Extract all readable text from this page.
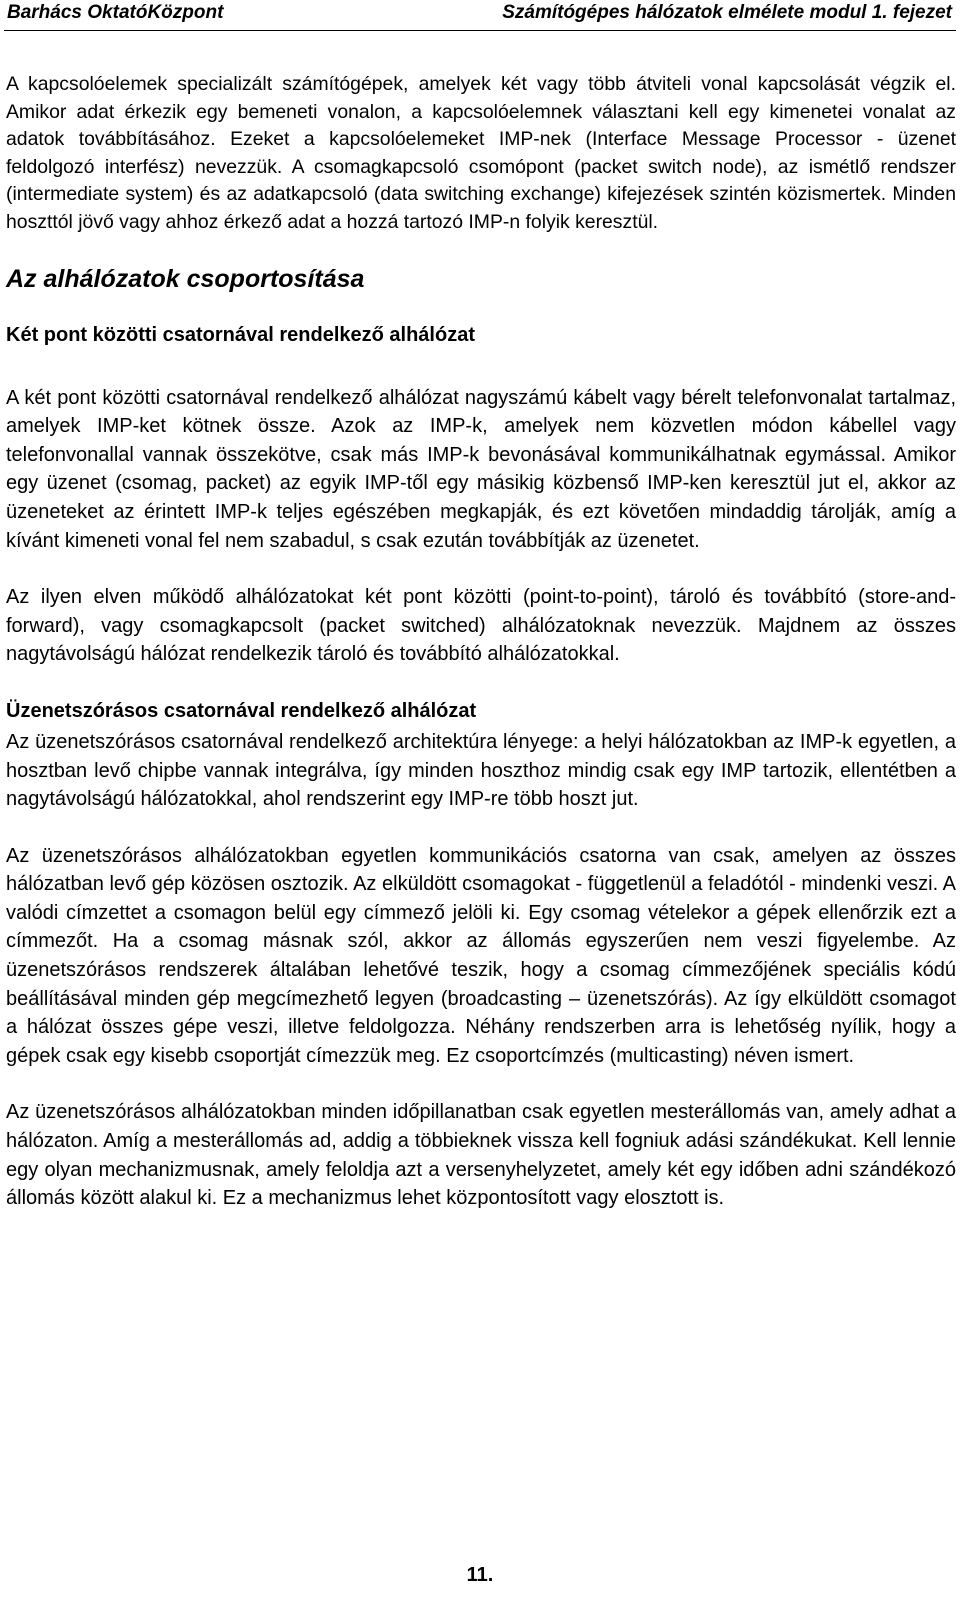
Barhács OktatóKözpont	Számítógépes hálózatok elmélete modul 1. fejezet

A kapcsolóelemek specializált számítógépek, amelyek két vagy több átviteli vonal kapcsolását végzik el. Amikor adat érkezik egy bemeneti vonalon, a kapcsolóelemnek választani kell egy kimenetei vonalat az adatok továbbításához. Ezeket a kapcsolóelemeket IMP-nek (Interface Message Processor - üzenet feldolgozó interfész) nevezzük. A csomagkapcsoló csomópont (packet switch node), az ismétlő rendszer (intermediate system) és az adatkapcsoló (data switching exchange) kifejezések szintén közismertek. Minden hoszttól jövő vagy ahhoz érkező adat a hozzá tartozó IMP-n folyik keresztül.

Az alhálózatok csoportosítása
Két pont közötti csatornával rendelkező alhálózat

A két pont közötti csatornával rendelkező alhálózat nagyszámú kábelt vagy bérelt telefonvonalat tartalmaz, amelyek IMP-ket kötnek össze. Azok az IMP-k, amelyek nem közvetlen módon kábellel vagy telefonvonallal vannak összekötve, csak más IMP-k bevonásával kommunikálhatnak egymással. Amikor egy üzenet (csomag, packet) az egyik IMP-től egy másikig közbenső IMP-ken keresztül jut el, akkor az üzeneteket az érintett IMP-k teljes egészében megkapják, és ezt követően mindaddig tárolják, amíg a kívánt kimeneti vonal fel nem szabadul, s csak ezután továbbítják az üzenetet.

Az ilyen elven működő alhálózatokat két pont közötti (point-to-point), tároló és továbbító (store-and-forward), vagy csomagkapcsolt (packet switched) alhálózatoknak nevezzük. Majdnem az összes nagytávolságú hálózat rendelkezik tároló és továbbító alhálózatokkal.

Üzenetszórásos csatornával rendelkező alhálózat

Az üzenetszórásos csatornával rendelkező architektúra lényege: a helyi hálózatokban az IMP-k egyetlen, a hosztban levő chipbe vannak integrálva, így minden hoszthoz mindig csak egy IMP tartozik, ellentétben a nagytávolságú hálózatokkal, ahol rendszerint egy IMP-re több hoszt jut.

Az üzenetszórásos alhálózatokban egyetlen kommunikációs csatorna van csak, amelyen az összes hálózatban levő gép közösen osztozik. Az elküldött csomagokat - függetlenül a feladótól - mindenki veszi. A valódi címzettet a csomagon belül egy címmező jelöli ki. Egy csomag vételekor a gépek ellenőrzik ezt a címmezőt. Ha a csomag másnak szól, akkor az állomás egyszerűen nem veszi figyelembe. Az üzenetszórásos rendszerek általában lehetővé teszik, hogy a csomag címmezőjének speciális kódú beállításával minden gép megcímezhető legyen (broadcasting – üzenetszórás). Az így elküldött csomagot a hálózat összes gépe veszi, illetve feldolgozza. Néhány rendszerben arra is lehetőség nyílik, hogy a gépek csak egy kisebb csoportját címezzük meg. Ez csoportcímzés (multicasting) néven ismert.

Az üzenetszórásos alhálózatokban minden időpillanatban csak egyetlen mesterállomás van, amely adhat a hálózaton. Amíg a mesterállomás ad, addig a többieknek vissza kell fogniuk adási szándékukat. Kell lennie egy olyan mechanizmusnak, amely feloldja azt a versenyhelyzetet, amely két egy időben adni szándékozó állomás között alakul ki. Ez a mechanizmus lehet központosított vagy elosztott is.

11.
